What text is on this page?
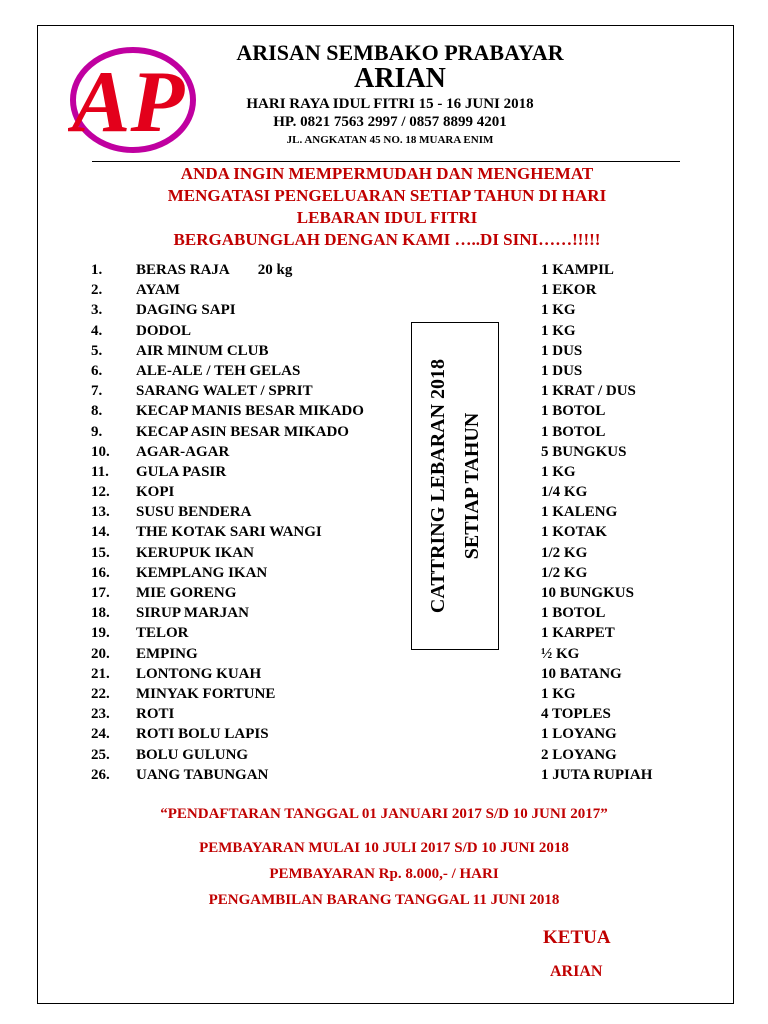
AP
ARISAN SEMBAKO PRABAYAR
ARIAN
HARI RAYA IDUL FITRI 15 - 16 JUNI 2018
HP. 0821 7563 2997 / 0857 8899 4201
JL. ANGKATAN 45 NO. 18 MUARA ENIM
ANDA INGIN MEMPERMUDAH DAN MENGHEMAT
MENGATASI PENGELUARAN SETIAP TAHUN DI HARI
LEBARAN IDUL FITRI
BERGABUNGLAH DENGAN KAMI …..DI SINI……!!!!!
1. BERAS RAJA 20 kg	1 KAMPIL
2. AYAM	1 EKOR
3. DAGING SAPI	1 KG
4. DODOL	1 KG
5. AIR MINUM CLUB	1 DUS
6. ALE-ALE / TEH GELAS	1 DUS
7. SARANG WALET / SPRIT	1 KRAT / DUS
8. KECAP MANIS BESAR MIKADO	1 BOTOL
9. KECAP ASIN BESAR MIKADO	1 BOTOL
10. AGAR-AGAR	5 BUNGKUS
11. GULA PASIR	1 KG
12. KOPI	1/4 KG
13. SUSU BENDERA	1 KALENG
14. THE KOTAK SARI WANGI	1 KOTAK
15. KERUPUK IKAN	1/2 KG
16. KEMPLANG IKAN	1/2 KG
17. MIE GORENG	10 BUNGKUS
18. SIRUP MARJAN	1 BOTOL
19. TELOR	1 KARPET
20. EMPING	½ KG
21. LONTONG KUAH	10 BATANG
22. MINYAK FORTUNE	1 KG
23. ROTI	4 TOPLES
24. ROTI BOLU LAPIS	1 LOYANG
25. BOLU GULUNG	2 LOYANG
26. UANG TABUNGAN	1 JUTA RUPIAH
CATTRING LEBARAN 2018 SETIAP TAHUN
“PENDAFTARAN TANGGAL 01 JANUARI 2017 S/D 10 JUNI 2017”
PEMBAYARAN MULAI 10 JULI 2017 S/D 10 JUNI 2018
PEMBAYARAN Rp. 8.000,- / HARI
PENGAMBILAN BARANG TANGGAL 11 JUNI 2018
KETUA
ARIAN
